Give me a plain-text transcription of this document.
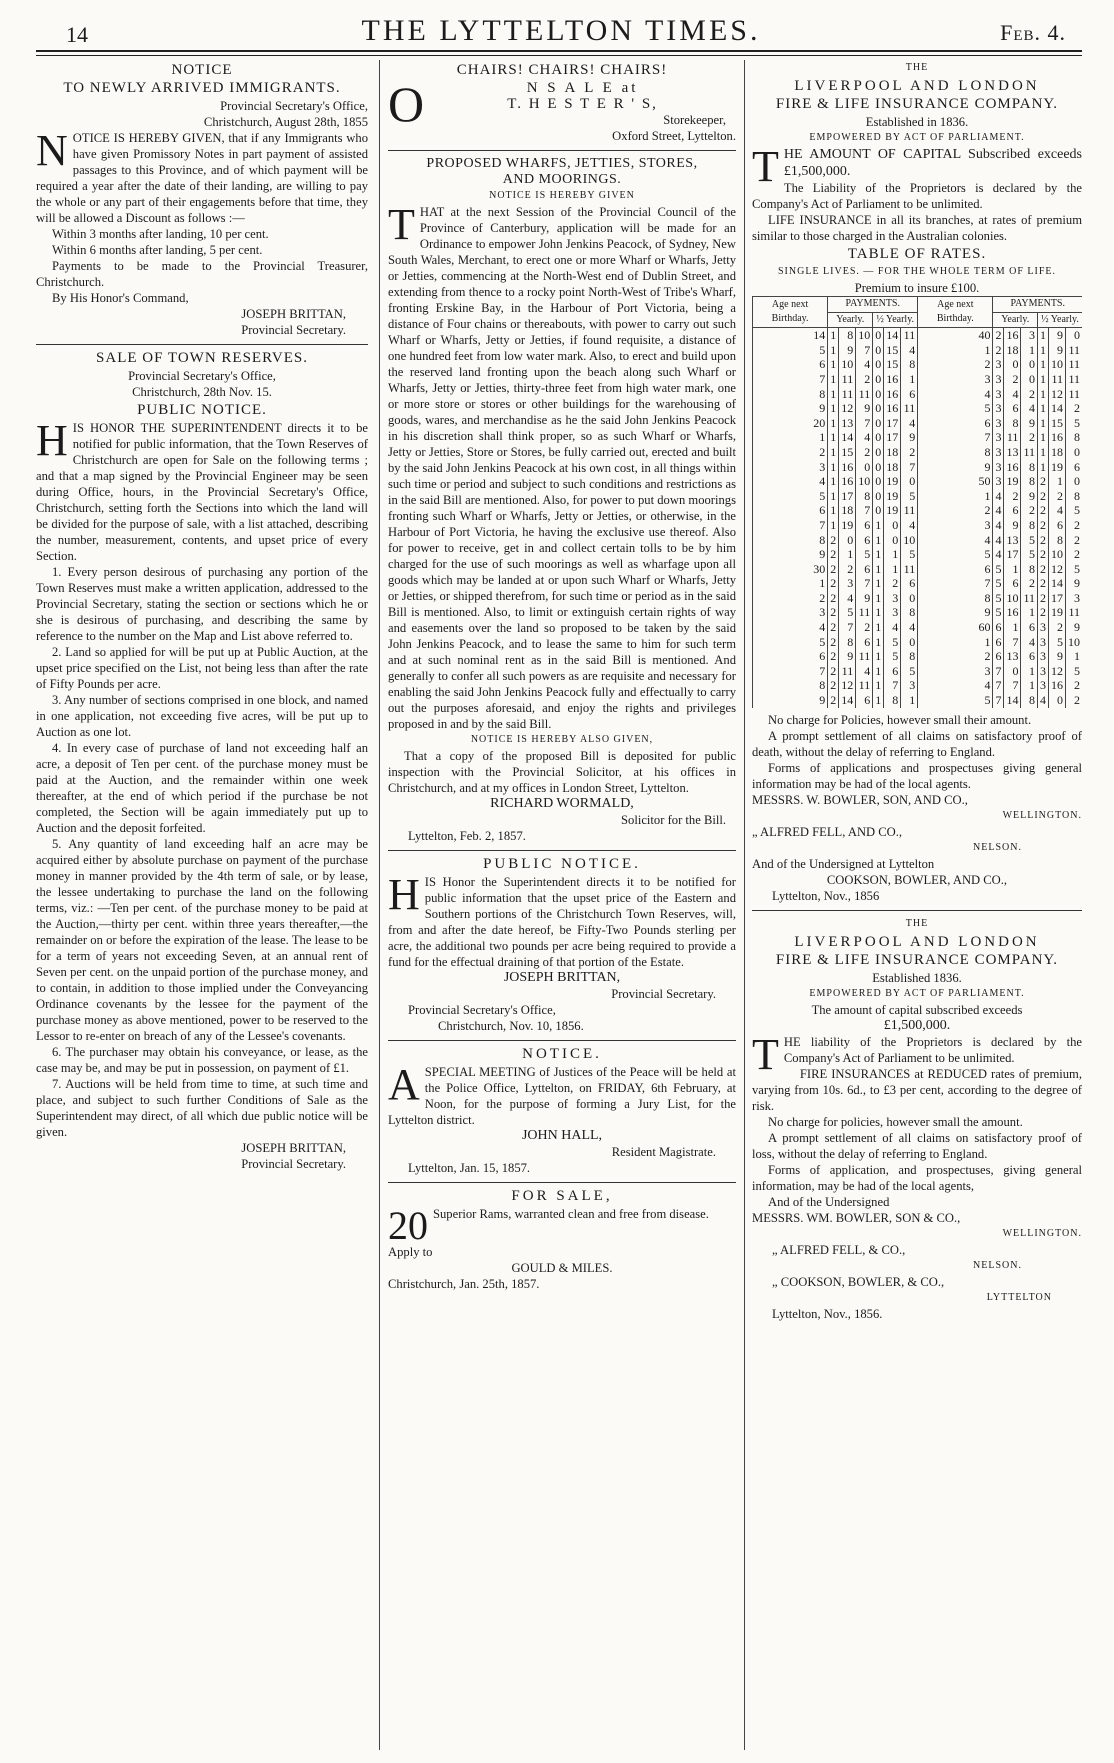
14	THE LYTTELTON TIMES.	Feb. 4.
NOTICE
TO NEWLY ARRIVED IMMIGRANTS.
Provincial Secretary's Office,
Christchurch, August 28th, 1855

NOTICE IS HEREBY GIVEN, that if any Immigrants who have given Promissory Notes in part payment of assisted passages to this Province, and of which payment will be required a year after the date of their landing, are willing to pay the whole or any part of their engagements before that time, they will be allowed a Discount as follows :—

Within 3 months after landing, 10 per cent.

Within 6 months after landing, 5 per cent.

Payments to be made to the Provincial Treasurer, Christchurch.

By His Honor's Command,

JOSEPH BRITTAN,
Provincial Secretary.
SALE OF TOWN RESERVES.
Provincial Secretary's Office,
Christchurch, 28th Nov. 15.
PUBLIC NOTICE.

HIS HONOR THE SUPERINTENDENT directs it to be notified for public information, that the Town Reserves of Christchurch are open for Sale on the following terms ; and that a map signed by the Provincial Engineer may be seen during Office, hours, in the Provincial Secretary's Office, Christchurch, setting forth the Sections into which the land will be divided for the purpose of sale, with a list attached, describing the number, measurement, contents, and upset price of every Section.

1. Every person desirous of purchasing any portion of the Town Reserves must make a written application, addressed to the Provincial Secretary, stating the section or sections which he or she is desirous of purchasing, and describing the same by reference to the number on the Map and List above referred to.

2. Land so applied for will be put up at Public Auction, at the upset price specified on the List, not being less than after the rate of Fifty Pounds per acre.

3. Any number of sections comprised in one block, and named in one application, not exceeding five acres, will be put up to Auction as one lot.

4. In every case of purchase of land not exceeding half an acre, a deposit of Ten per cent. of the purchase money must be paid at the Auction, and the remainder within one week thereafter, at the end of which period if the purchase be not completed, the Section will be again immediately put up to Auction and the deposit forfeited.

5. Any quantity of land exceeding half an acre may be acquired either by absolute purchase on payment of the purchase money in manner provided by the 4th term of sale, or by lease, the lessee undertaking to purchase the land on the following terms, viz.: —Ten per cent. of the purchase money to be paid at the Auction,—thirty per cent. within three years thereafter,—the remainder on or before the expiration of the lease. The lease to be for a term of years not exceeding Seven, at an annual rent of Seven per cent. on the unpaid portion of the purchase money, and to contain, in addition to those implied under the Conveyancing Ordinance covenants by the lessee for the payment of the purchase money as above mentioned, power to be reserved to the Lessor to re-enter on breach of any of the Lessee's covenants.

6. The purchaser may obtain his conveyance, or lease, as the case may be, and may be put in possession, on payment of £1.

7. Auctions will be held from time to time, at such time and place, and subject to such further Conditions of Sale as the Superintendent may direct, of all which due public notice will be given.

JOSEPH BRITTAN,
Provincial Secretary.
CHAIRS! CHAIRS! CHAIRS!
O	N S A L E at
T. H E S T E R ' S,
Storekeeper,
Oxford Street, Lyttelton.
PROPOSED WHARFS, JETTIES, STORES,
AND MOORINGS.
NOTICE IS HEREBY GIVEN

THAT at the next Session of the Provincial Council of the Province of Canterbury, application will be made for an Ordinance to empower John Jenkins Peacock, of Sydney, New South Wales, Merchant, to erect one or more Wharf or Wharfs, Jetty or Jetties, commencing at the North-West end of Dublin Street, and extending from thence to a rocky point North-West of Tribe's Wharf, fronting Erskine Bay, in the Harbour of Port Victoria, being a distance of Four chains or thereabouts, with power to carry out such Wharf or Wharfs, Jetty or Jetties, if found requisite, a distance of one hundred feet from low water mark. Also, to erect and build upon the reserved land fronting upon the beach along such Wharf or Wharfs, Jetty or Jetties, thirty-three feet from high water mark, one or more store or stores or other buildings for the warehousing of goods, wares, and merchandise as he the said John Jenkins Peacock in his discretion shall think proper, so as such Wharf or Wharfs, Jetty or Jetties, Store or Stores, be fully carried out, erected and built by the said John Jenkins Peacock at his own cost, in all things within such time or period and subject to such conditions and restrictions as in the said Bill are mentioned. Also, for power to put down moorings fronting such Wharf or Wharfs, Jetty or Jetties, or otherwise, in the Harbour of Port Victoria, he having the exclusive use thereof. Also for power to receive, get in and collect certain tolls to be by him charged for the use of such moorings as well as wharfage upon all goods which may be landed at or upon such Wharf or Wharfs, Jetty or Jetties, or shipped therefrom, for such time or period as in the said Bill is mentioned. Also, to limit or extinguish certain rights of way and easements over the land so proposed to be taken by the said John Jenkins Peacock, and to lease the same to him for such term and at such nominal rent as in the said Bill is mentioned. And generally to confer all such powers as are requisite and necessary for enabling the said John Jenkins Peacock fully and effectually to carry out the purposes aforesaid, and enjoy the rights and privileges proposed in and by the said Bill.

NOTICE IS HEREBY ALSO GIVEN,

That a copy of the proposed Bill is deposited for public inspection with the Provincial Solicitor, at his offices in Christchurch, and at my offices in London Street, Lyttelton.

RICHARD WORMALD,
Solicitor for the Bill.
Lyttelton, Feb. 2, 1857.
PUBLIC NOTICE.

HIS Honor the Superintendent directs it to be notified for public information that the upset price of the Eastern and Southern portions of the Christchurch Town Reserves, will, from and after the date hereof, be Fifty-Two Pounds sterling per acre, the additional two pounds per acre being required to provide a fund for the effectual draining of that portion of the Estate.

JOSEPH BRITTAN,
Provincial Secretary.
Provincial Secretary's Office,
Christchurch, Nov. 10, 1856.
NOTICE.

ASPECIAL MEETING of Justices of the Peace will be held at the Police Office, Lyttelton, on FRIDAY, 6th February, at Noon, for the purpose of forming a Jury List, for the Lyttelton district.

JOHN HALL,
Resident Magistrate.
Lyttelton, Jan. 15, 1857.
FOR SALE,

20 Superior Rams, warranted clean and free from disease.

Apply to
GOULD & MILES.
Christchurch, Jan. 25th, 1857.
THE
LIVERPOOL AND LONDON
FIRE & LIFE INSURANCE COMPANY.
Established in 1836.
EMPOWERED BY ACT OF PARLIAMENT.

THE AMOUNT OF CAPITAL Subscribed exceeds £1,500,000.

The Liability of the Proprietors is declared by the Company's Act of Parliament to be unlimited.

LIFE INSURANCE in all its branches, at rates of premium similar to those charged in the Australian colonies.

TABLE OF RATES.
SINGLE LIVES. — FOR THE WHOLE TERM OF LIFE.
Premium to insure £100.
Age next Birthday.	PAYMENTS.						Age next Birthday.	PAYMENTS.					
	Yearly.			½ Yearly.				Yearly.			½ Yearly.		
14	1	8	10	0	14	11	40	2	16	3	1	9	0
5	1	9	7	0	15	4	1	2	18	1	1	9	11
6	1	10	4	0	15	8	2	3	0	0	1	10	11
7	1	11	2	0	16	1	3	3	2	0	1	11	11
8	1	11	11	0	16	6	4	3	4	2	1	12	11
9	1	12	9	0	16	11	5	3	6	4	1	14	2
20	1	13	7	0	17	4	6	3	8	9	1	15	5
1	1	14	4	0	17	9	7	3	11	2	1	16	8
2	1	15	2	0	18	2	8	3	13	11	1	18	0
3	1	16	0	0	18	7	9	3	16	8	1	19	6
4	1	16	10	0	19	0	50	3	19	8	2	1	0
5	1	17	8	0	19	5	1	4	2	9	2	2	8
6	1	18	7	0	19	11	2	4	6	2	2	4	5
7	1	19	6	1	0	4	3	4	9	8	2	6	2
8	2	0	6	1	0	10	4	4	13	5	2	8	2
9	2	1	5	1	1	5	5	4	17	5	2	10	2
30	2	2	6	1	1	11	6	5	1	8	2	12	5
1	2	3	7	1	2	6	7	5	6	2	2	14	9
2	2	4	9	1	3	0	8	5	10	11	2	17	3
3	2	5	11	1	3	8	9	5	16	1	2	19	11
4	2	7	2	1	4	4	60	6	1	6	3	2	9
5	2	8	6	1	5	0	1	6	7	4	3	5	10
6	2	9	11	1	5	8	2	6	13	6	3	9	1
7	2	11	4	1	6	5	3	7	0	1	3	12	5
8	2	12	11	1	7	3	4	7	7	1	3	16	2
9	2	14	6	1	8	1	5	7	14	8	4	0	2

No charge for Policies, however small their amount.

A prompt settlement of all claims on satisfactory proof of death, without the delay of referring to England.

Forms of applications and prospectuses giving general information may be had of the local agents.

MESSRS. W. BOWLER, SON, AND CO.,
WELLINGTON.
„ ALFRED FELL, AND CO.,
NELSON.
And of the Undersigned at Lyttelton
COOKSON, BOWLER, AND CO.,
Lyttelton, Nov., 1856
THE
LIVERPOOL AND LONDON
FIRE & LIFE INSURANCE COMPANY.
Established 1836.
EMPOWERED BY ACT OF PARLIAMENT.
The amount of capital subscribed exceeds
£1,500,000.

THE liability of the Proprietors is declared by the Company's Act of Parliament to be unlimited.

FIRE INSURANCES at REDUCED rates of premium, varying from 10s. 6d., to £3 per cent, according to the degree of risk.

No charge for policies, however small the amount.

A prompt settlement of all claims on satisfactory proof of loss, without the delay of referring to England.

Forms of application, and prospectuses, giving general information, may be had of the local agents,

And of the Undersigned

MESSRS. WM. BOWLER, SON & CO.,
WELLINGTON.
„ ALFRED FELL, & CO.,
NELSON.
„ COOKSON, BOWLER, & CO.,
LYTTELTON
Lyttelton, Nov., 1856.
